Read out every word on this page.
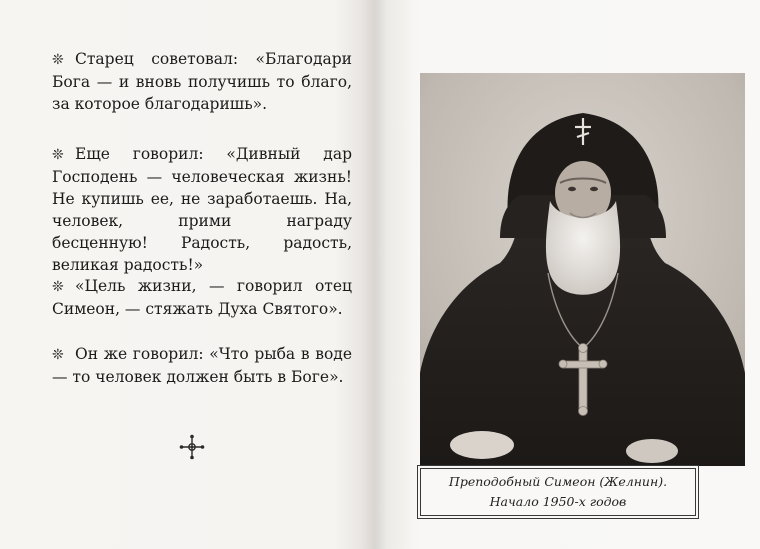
❊ Старец советовал: «Благодари Бога — и вновь получишь то благо, за которое благодаришь».
❊ Еще говорил: «Дивный дар Господень — человеческая жизнь! Не купишь ее, не заработаешь. На, человек, прими награду бесценную! Радость, радость, великая радость!»
❊ «Цель жизни, — говорил отец Симеон, — стяжать Духа Святого».
❊ Он же говорил: «Что рыба в воде — то человек должен быть в Боге».
Преподобный Симеон (Желнин).
Начало 1950-х годов
